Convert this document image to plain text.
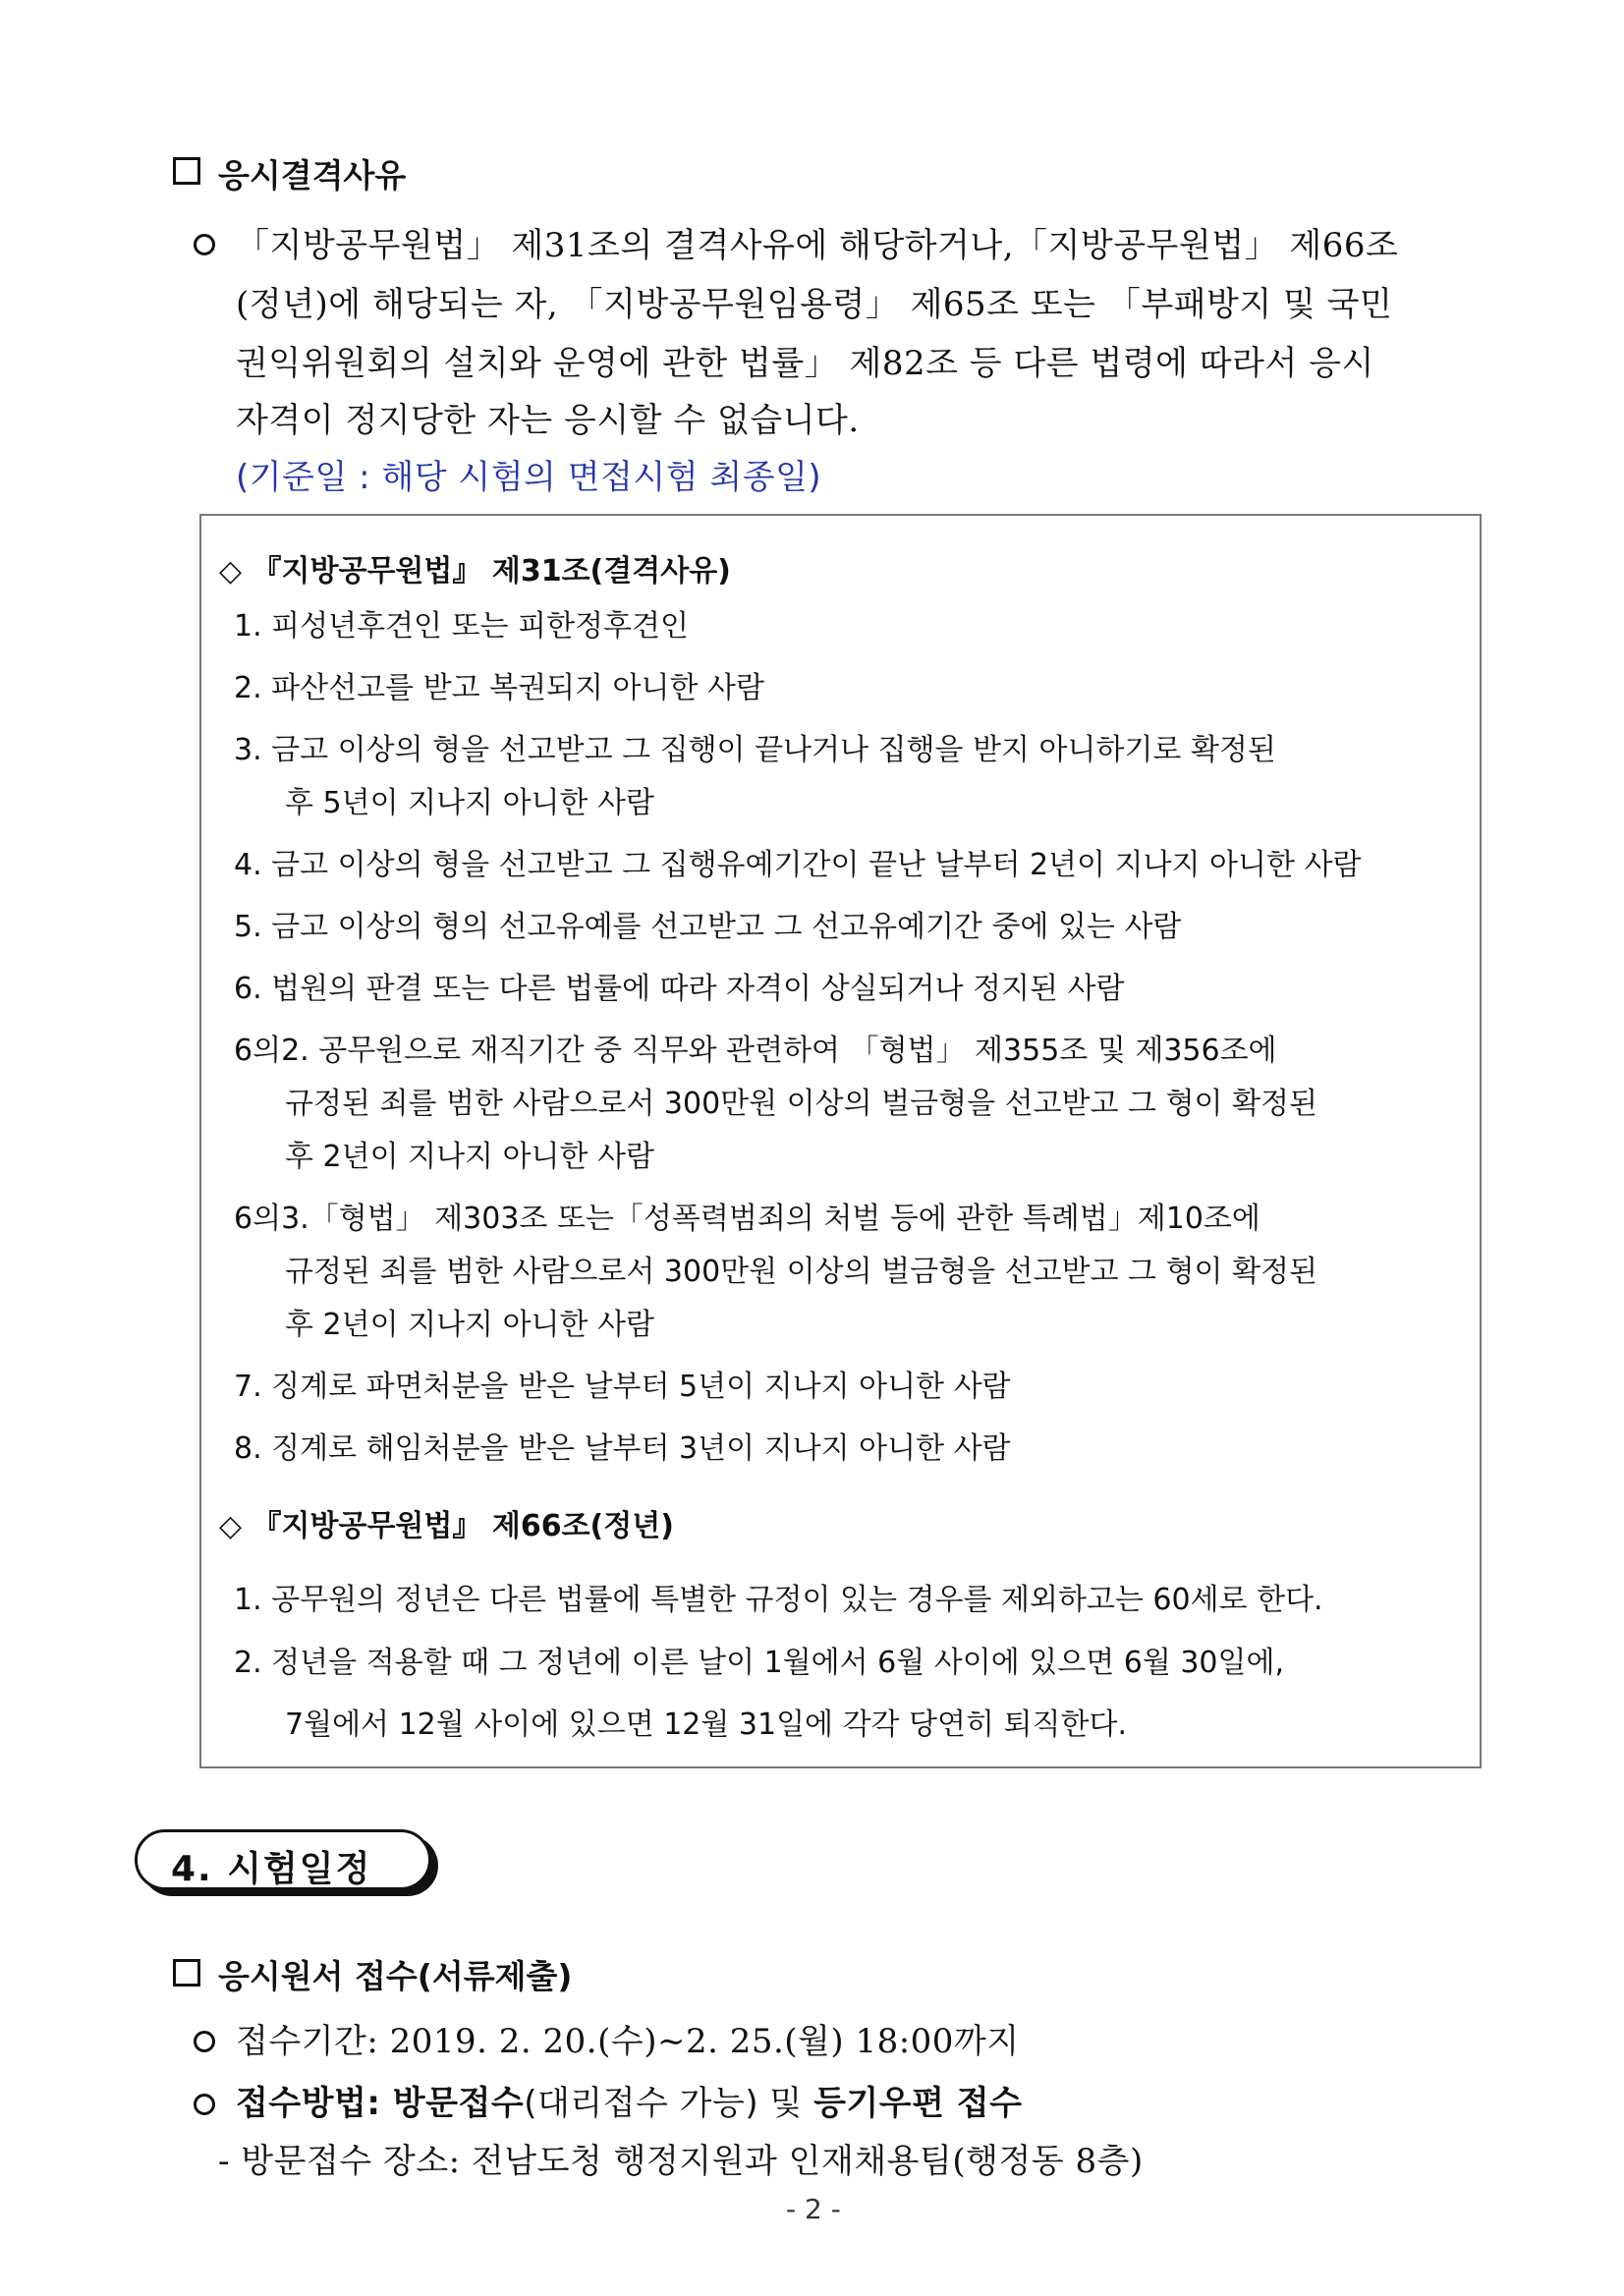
응시결격사유
「지방공무원법」 제31조의 결격사유에 해당하거나,「지방공무원법」 제66조
(정년)에 해당되는 자, 「지방공무원임용령」 제65조 또는 「부패방지 및 국민
권익위원회의 설치와 운영에 관한 법률」 제82조 등 다른 법령에 따라서 응시
자격이 정지당한 자는 응시할 수 없습니다.
(기준일 : 해당 시험의 면접시험 최종일)
◇ 『지방공무원법』 제31조(결격사유)
1. 피성년후견인 또는 피한정후견인
2. 파산선고를 받고 복권되지 아니한 사람
3. 금고 이상의 형을 선고받고 그 집행이 끝나거나 집행을 받지 아니하기로 확정된
후 5년이 지나지 아니한 사람
4. 금고 이상의 형을 선고받고 그 집행유예기간이 끝난 날부터 2년이 지나지 아니한 사람
5. 금고 이상의 형의 선고유예를 선고받고 그 선고유예기간 중에 있는 사람
6. 법원의 판결 또는 다른 법률에 따라 자격이 상실되거나 정지된 사람
6의2. 공무원으로 재직기간 중 직무와 관련하여 「형법」 제355조 및 제356조에
규정된 죄를 범한 사람으로서 300만원 이상의 벌금형을 선고받고 그 형이 확정된
후 2년이 지나지 아니한 사람
6의3.「형법」 제303조 또는「성폭력범죄의 처벌 등에 관한 특례법」제10조에
규정된 죄를 범한 사람으로서 300만원 이상의 벌금형을 선고받고 그 형이 확정된
후 2년이 지나지 아니한 사람
7. 징계로 파면처분을 받은 날부터 5년이 지나지 아니한 사람
8. 징계로 해임처분을 받은 날부터 3년이 지나지 아니한 사람
◇ 『지방공무원법』 제66조(정년)
1. 공무원의 정년은 다른 법률에 특별한 규정이 있는 경우를 제외하고는 60세로 한다.
2. 정년을 적용할 때 그 정년에 이른 날이 1월에서 6월 사이에 있으면 6월 30일에,
7월에서 12월 사이에 있으면 12월 31일에 각각 당연히 퇴직한다.
4. 시험일정
응시원서 접수(서류제출)
접수기간: 2019. 2. 20.(수)∼2. 25.(월) 18:00까지
접수방법: 방문접수(대리접수 가능) 및 등기우편 접수
- 방문접수 장소: 전남도청 행정지원과 인재채용팀(행정동 8층)
- 2 -
